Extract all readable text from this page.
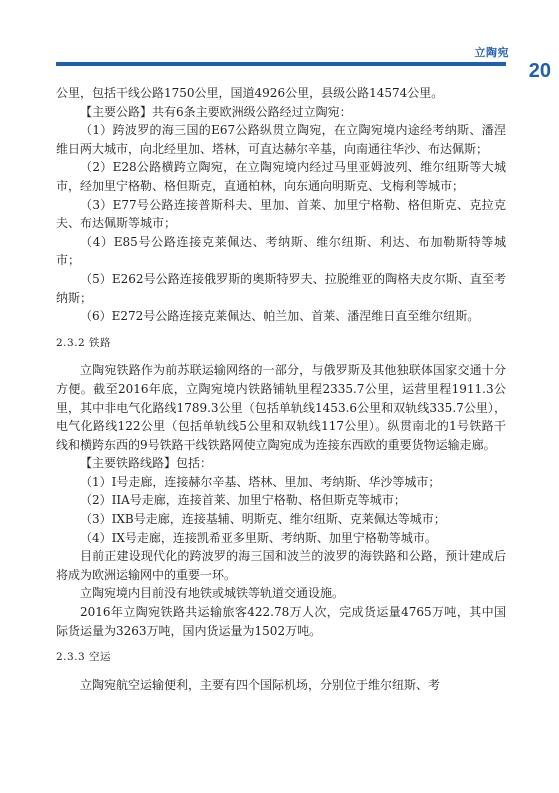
立陶宛
20

公里，包括干线公路1750公里，国道4926公里，县级公路14574公里。

【主要公路】共有6条主要欧洲级公路经过立陶宛：

（1）跨波罗的海三国的E67公路纵贯立陶宛，在立陶宛境内途经考纳斯、潘涅维日两大城市，向北经里加、塔林，可直达赫尔辛基，向南通往华沙、布达佩斯；

（2）E28公路横跨立陶宛，在立陶宛境内经过马里亚姆波列、维尔纽斯等大城市，经加里宁格勒、格但斯克，直通柏林，向东通向明斯克、戈梅利等城市；

（3）E77号公路连接普斯科夫、里加、首莱、加里宁格勒、格但斯克、克拉克夫、布达佩斯等城市；

（4）E85号公路连接克莱佩达、考纳斯、维尔纽斯、利达、布加勒斯特等城市；

（5）E262号公路连接俄罗斯的奥斯特罗夫、拉脱维亚的陶格夫皮尔斯、直至考纳斯；

（6）E272号公路连接克莱佩达、帕兰加、首莱、潘涅维日直至维尔纽斯。

2.3.2 铁路

立陶宛铁路作为前苏联运输网络的一部分，与俄罗斯及其他独联体国家交通十分方便。截至2016年底，立陶宛境内铁路铺轨里程2335.7公里，运营里程1911.3公里，其中非电气化路线1789.3公里（包括单轨线1453.6公里和双轨线335.7公里），电气化路线122公里（包括单轨线5公里和双轨线117公里）。纵贯南北的1号铁路干线和横跨东西的9号铁路干线铁路网使立陶宛成为连接东西欧的重要货物运输走廊。

【主要铁路线路】包括：

（1）I号走廊，连接赫尔辛基、塔林、里加、考纳斯、华沙等城市；

（2）IIA号走廊，连接首莱、加里宁格勒、格但斯克等城市；

（3）IXB号走廊，连接基辅、明斯克、维尔纽斯、克莱佩达等城市；

（4）IX号走廊，连接凯希亚多里斯、考纳斯、加里宁格勒等城市。

目前正建设现代化的跨波罗的海三国和波兰的波罗的海铁路和公路，预计建成后将成为欧洲运输网中的重要一环。

立陶宛境内目前没有地铁或城铁等轨道交通设施。

2016年立陶宛铁路共运输旅客422.78万人次，完成货运量4765万吨，其中国际货运量为3263万吨，国内货运量为1502万吨。

2.3.3 空运

立陶宛航空运输便利，主要有四个国际机场，分别位于维尔纽斯、考
